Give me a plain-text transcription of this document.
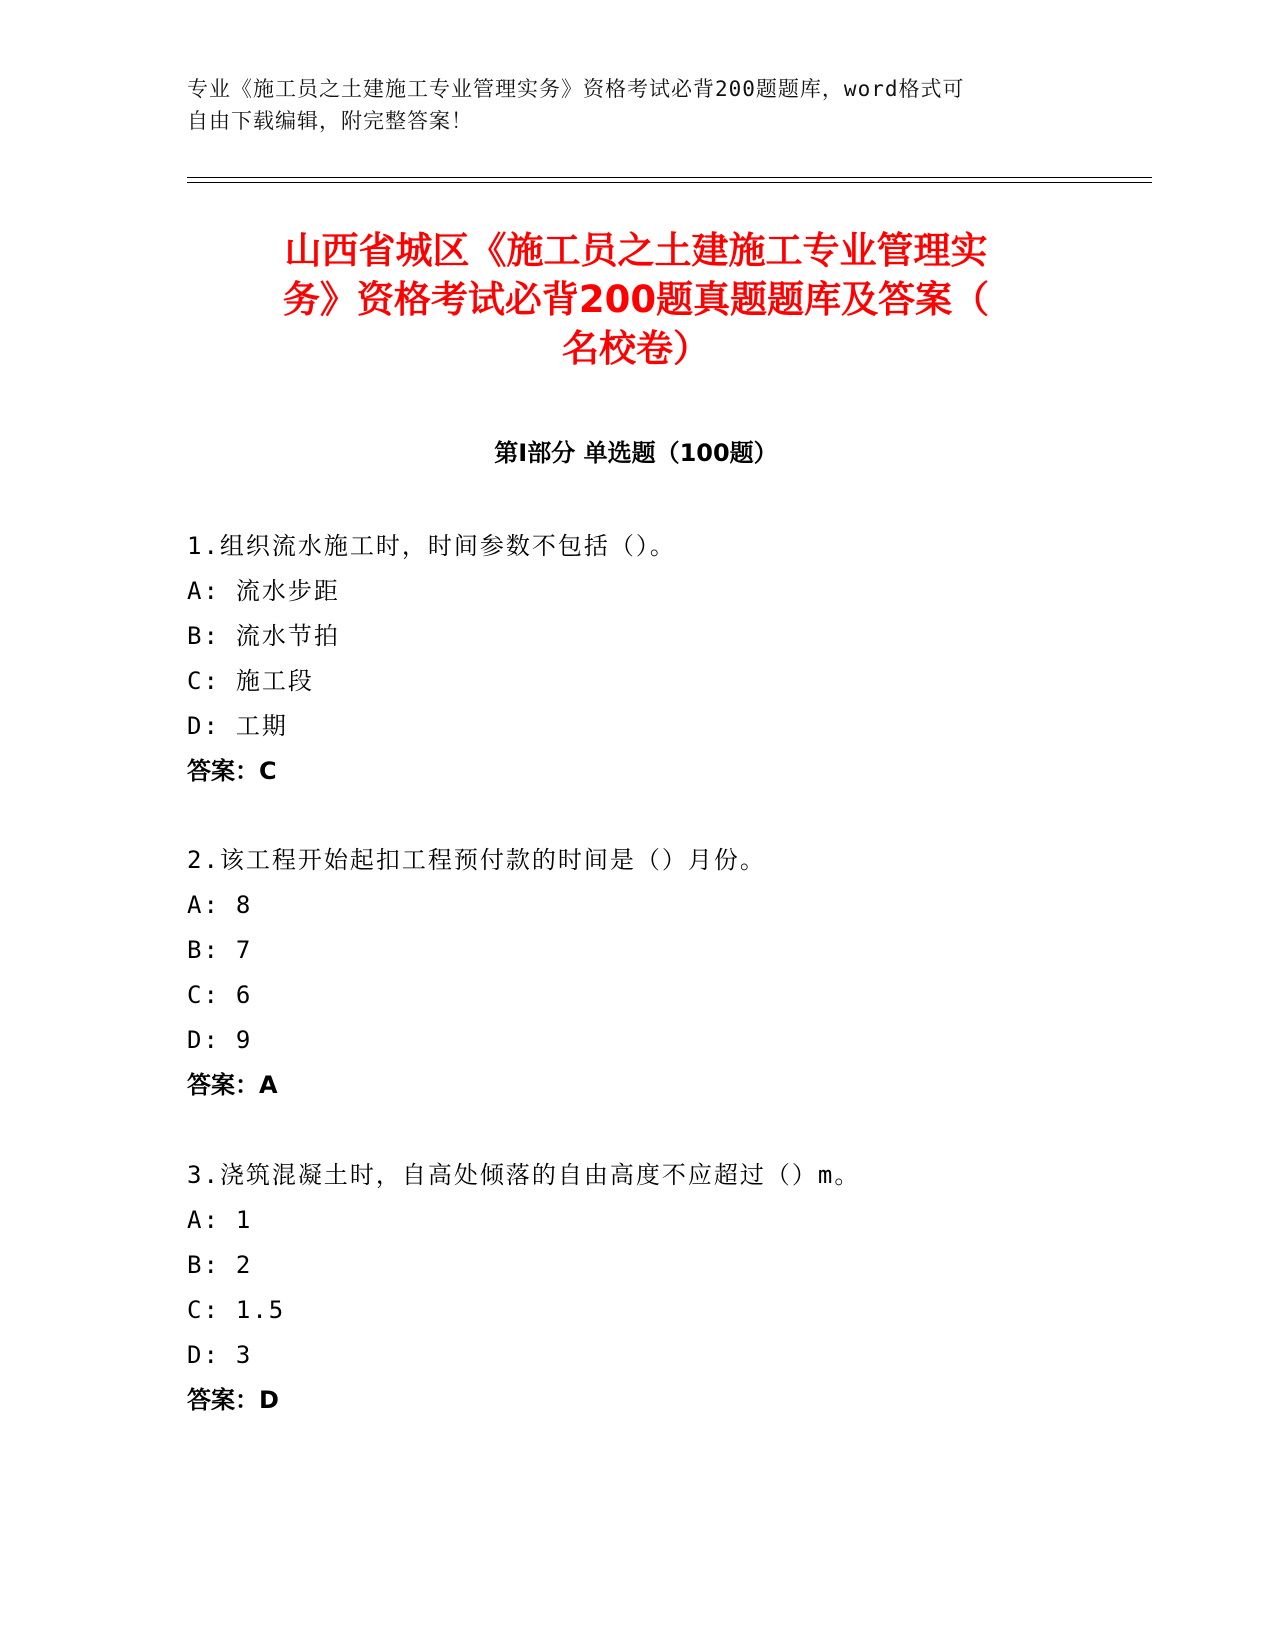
专业《施工员之土建施工专业管理实务》资格考试必背200题题库，word格式可
自由下载编辑，附完整答案！
山西省城区《施工员之土建施工专业管理实
务》资格考试必背200题真题题库及答案（
名校卷）
第Ⅰ部分 单选题（100题）
1.组织流水施工时，时间参数不包括（）。
A: 流水步距
B: 流水节拍
C: 施工段
D: 工期
答案：C
2.该工程开始起扣工程预付款的时间是（）月份。
A: 8
B: 7
C: 6
D: 9
答案：A
3.浇筑混凝土时，自高处倾落的自由高度不应超过（）m。
A: 1
B: 2
C: 1.5
D: 3
答案：D
